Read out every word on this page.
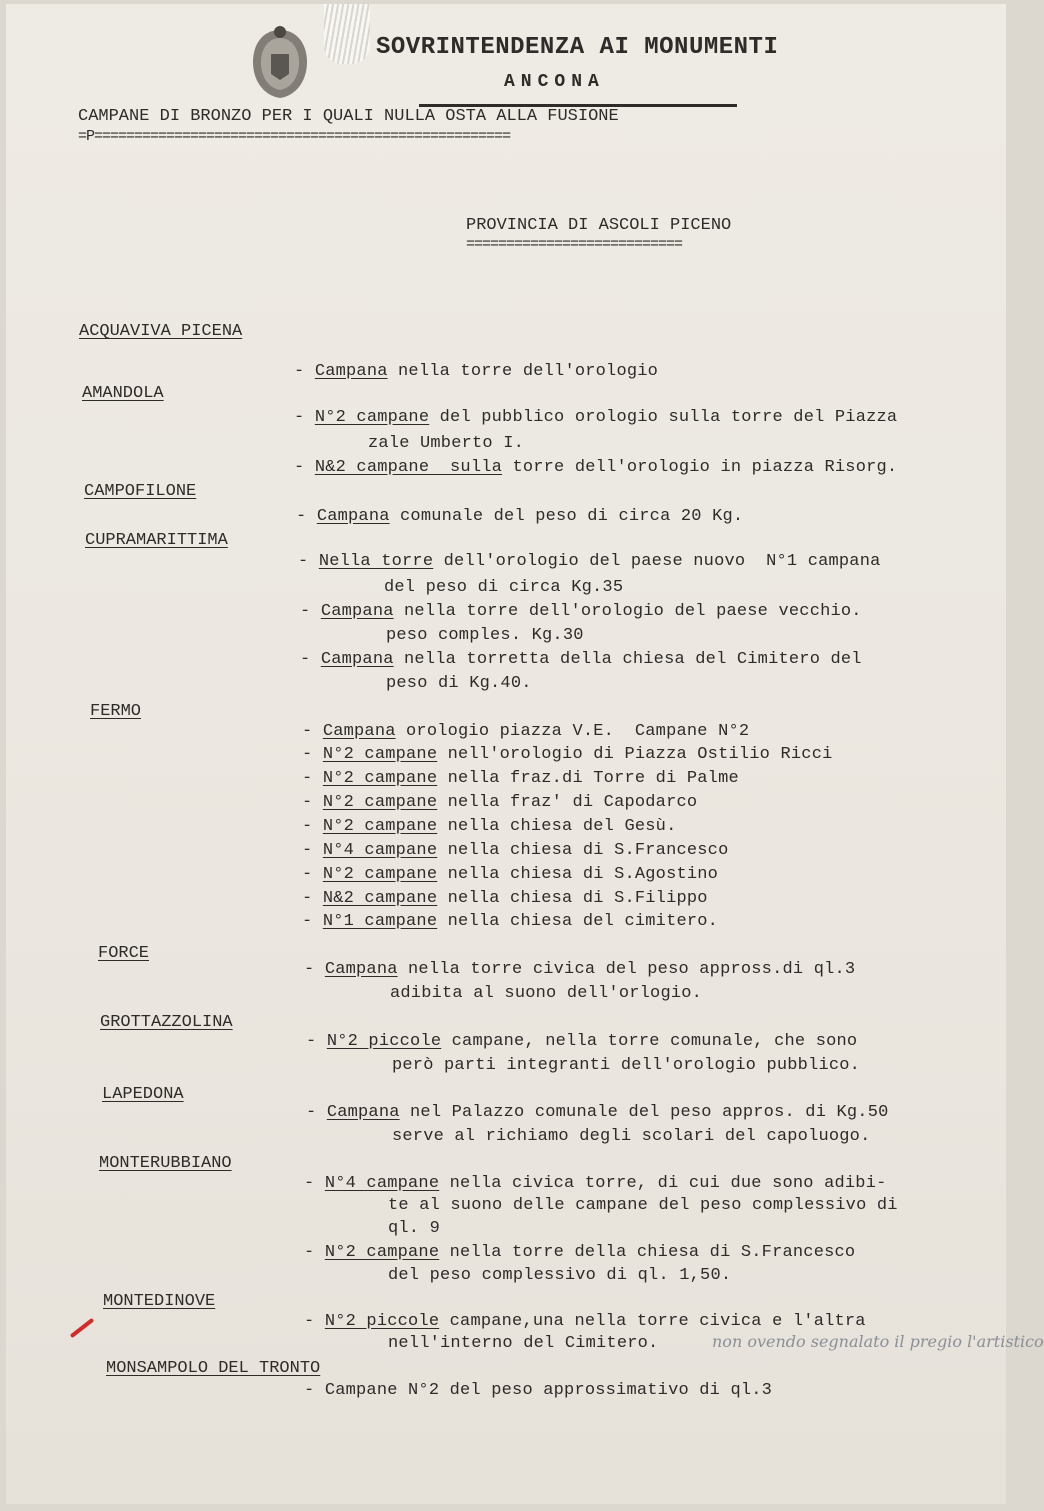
SOVRINTENDENZA AI MONUMENTI
ANCONA
CAMPANE DI BRONZO PER I QUALI NULLA OSTA ALLA FUSIONE
=P====================================================
PROVINCIA DI ASCOLI PICENO
===========================
ACQUAVIVA PICENA
AMANDOLA
CAMPOFILONE
CUPRAMARITTIMA
FERMO
FORCE
GROTTAZZOLINA
LAPEDONA
MONTERUBBIANO
MONTEDINOVE
MONSAMPOLO DEL TRONTO
- Campana nella torre dell'orologio
- N°2 campane del pubblico orologio sulla torre del Piazza
zale Umberto I.
- N&2 campane  sulla torre dell'orologio in piazza Risorg.
- Campana comunale del peso di circa 20 Kg.
- Nella torre dell'orologio del paese nuovo  N°1 campana
del peso di circa Kg.35
- Campana nella torre dell'orologio del paese vecchio.
peso comples. Kg.30
- Campana nella torretta della chiesa del Cimitero del
peso di Kg.40.
- Campana orologio piazza V.E.  Campane N°2
- N°2 campane nell'orologio di Piazza Ostilio Ricci
- N°2 campane nella fraz.di Torre di Palme
- N°2 campane nella fraz' di Capodarco
- N°2 campane nella chiesa del Gesù.
- N°4 campane nella chiesa di S.Francesco
- N°2 campane nella chiesa di S.Agostino
- N&2 campane nella chiesa di S.Filippo
- N°1 campane nella chiesa del cimitero.
- Campana nella torre civica del peso appross.di ql.3
adibita al suono dell'orlogio.
- N°2 piccole campane, nella torre comunale, che sono
però parti integranti dell'orologio pubblico.
- Campana nel Palazzo comunale del peso appros. di Kg.50
serve al richiamo degli scolari del capoluogo.
- N°4 campane nella civica torre, di cui due sono adibi-
te al suono delle campane del peso complessivo di
ql. 9
- N°2 campane nella torre della chiesa di S.Francesco
del peso complessivo di ql. 1,50.
- N°2 piccole campane,una nella torre civica e l'altra
nell'interno del Cimitero.
- Campane N°2 del peso approssimativo di ql.3
non ovendo segnalato il pregio l'artistico
